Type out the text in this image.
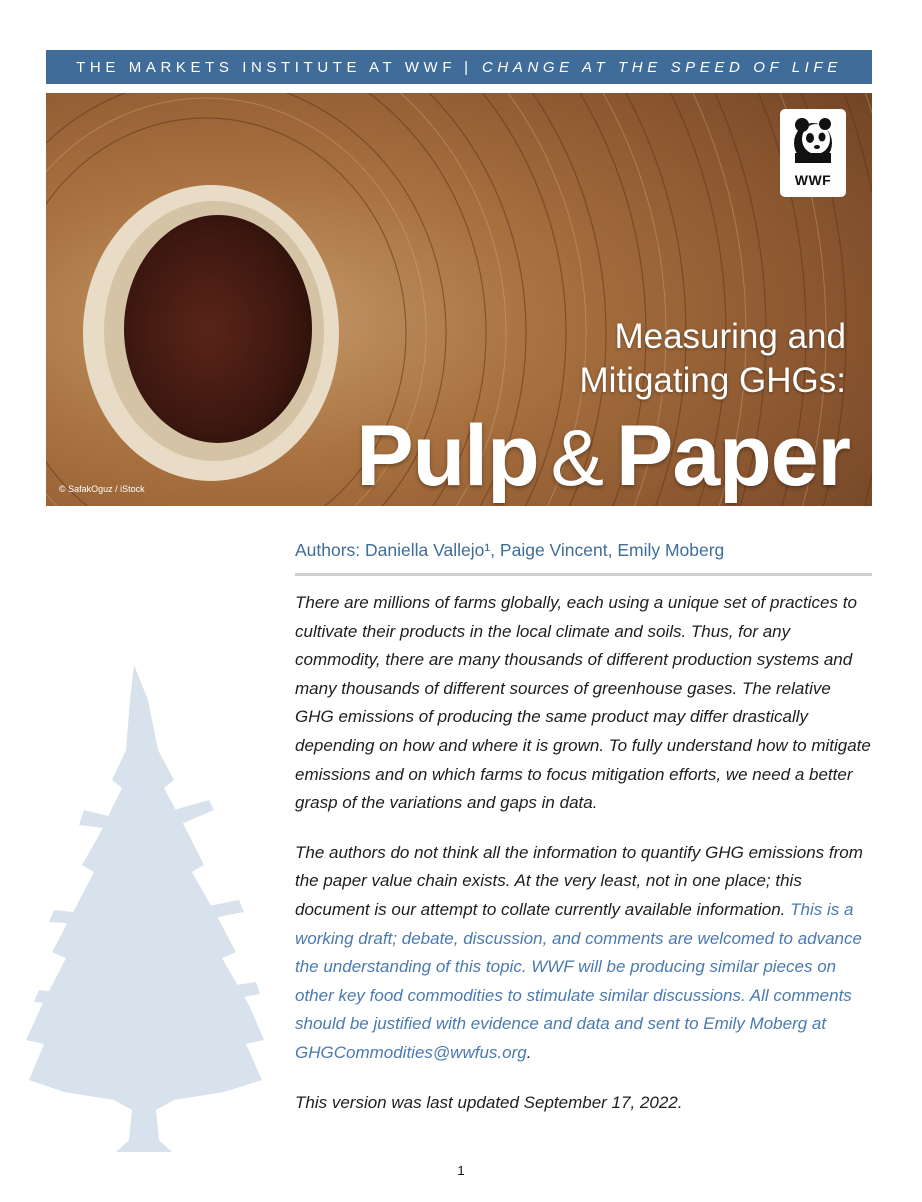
THE MARKETS INSTITUTE AT WWF | CHANGE AT THE SPEED OF LIFE
WWF
Measuring and
Mitigating GHGs:
Pulp & Paper
© SafakOguz / iStock
Authors: Daniella Vallejo¹, Paige Vincent, Emily Moberg

There are millions of farms globally, each using a unique set of practices to cultivate their products in the local climate and soils. Thus, for any commodity, there are many thousands of different production systems and many thousands of different sources of greenhouse gases. The relative GHG emissions of producing the same product may differ drastically depending on how and where it is grown. To fully understand how to mitigate emissions and on which farms to focus mitigation efforts, we need a better grasp of the variations and gaps in data.

The authors do not think all the information to quantify GHG emissions from the paper value chain exists. At the very least, not in one place; this document is our attempt to collate currently available information. This is a working draft; debate, discussion, and comments are welcomed to advance the understanding of this topic. WWF will be producing similar pieces on other key food commodities to stimulate similar discussions. All comments should be justified with evidence and data and sent to Emily Moberg at GHGCommodities@wwfus.org.

This version was last updated September 17, 2022.

1
